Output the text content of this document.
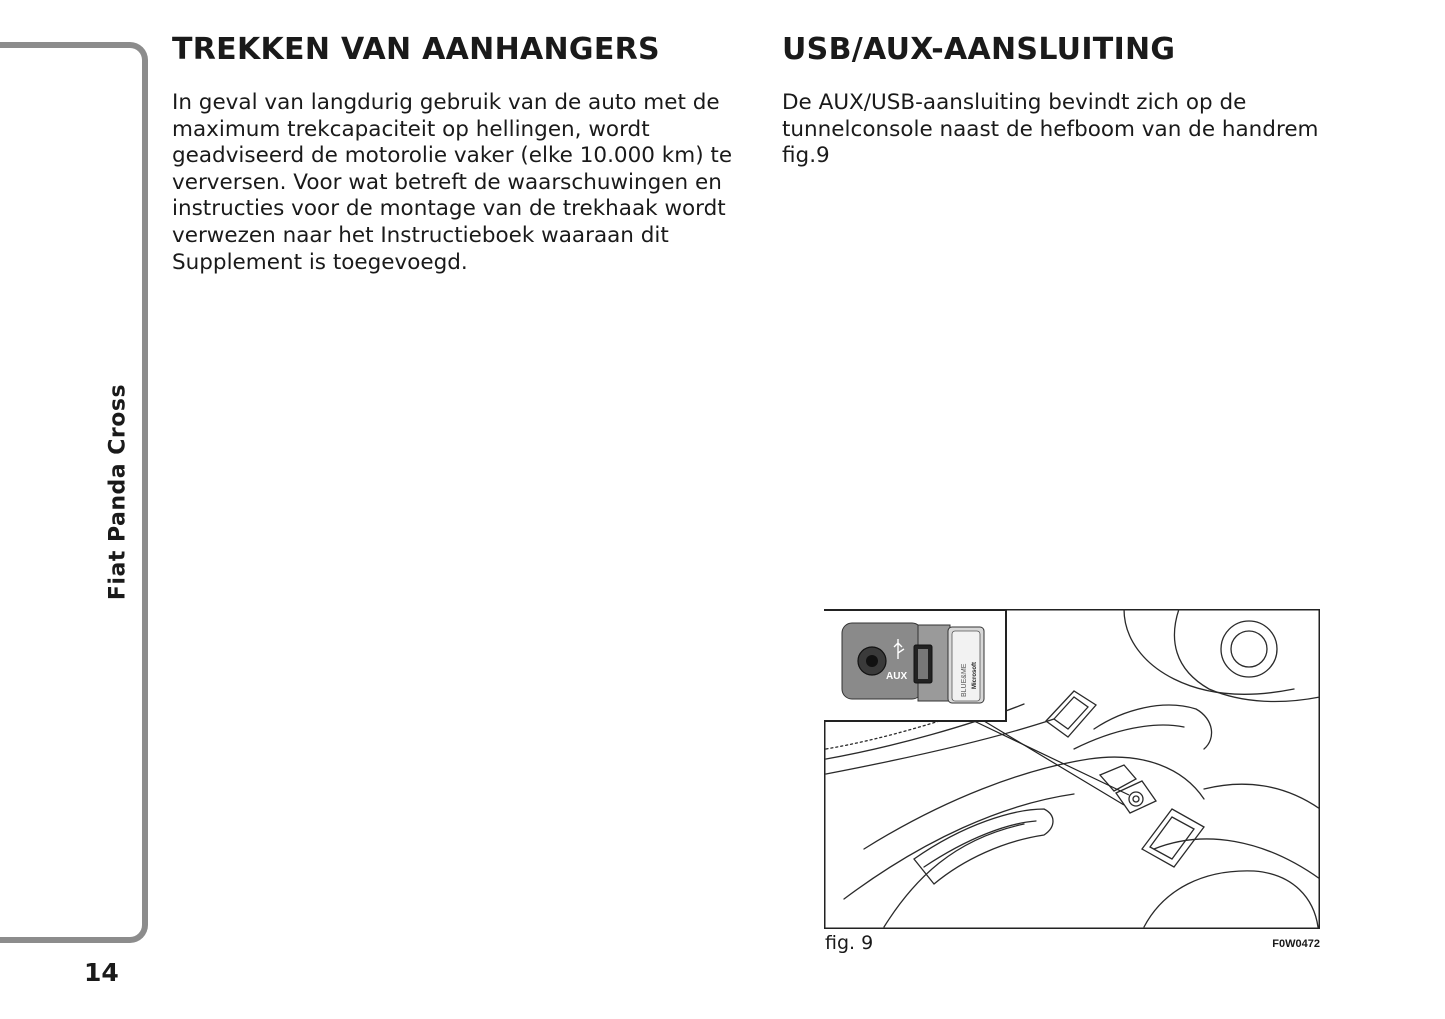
Fiat Panda Cross
14
TREKKEN VAN AANHANGERS

In geval van langdurig gebruik van de auto met de maximum trekcapaciteit op hellingen, wordt geadviseerd de motorolie vaker (elke 10.000 km) te verversen. Voor wat betreft de waarschuwingen en instructies voor de montage van de trekhaak wordt verwezen naar het Instructieboek waaraan dit Supplement is toegevoegd.

USB/AUX-AANSLUITING

De AUX/USB-aansluiting bevindt zich op de tunnelconsole naast de hefboom van de handrem fig.9

AUX	BLUE&ME Microsoft
fig. 9	F0W0472
